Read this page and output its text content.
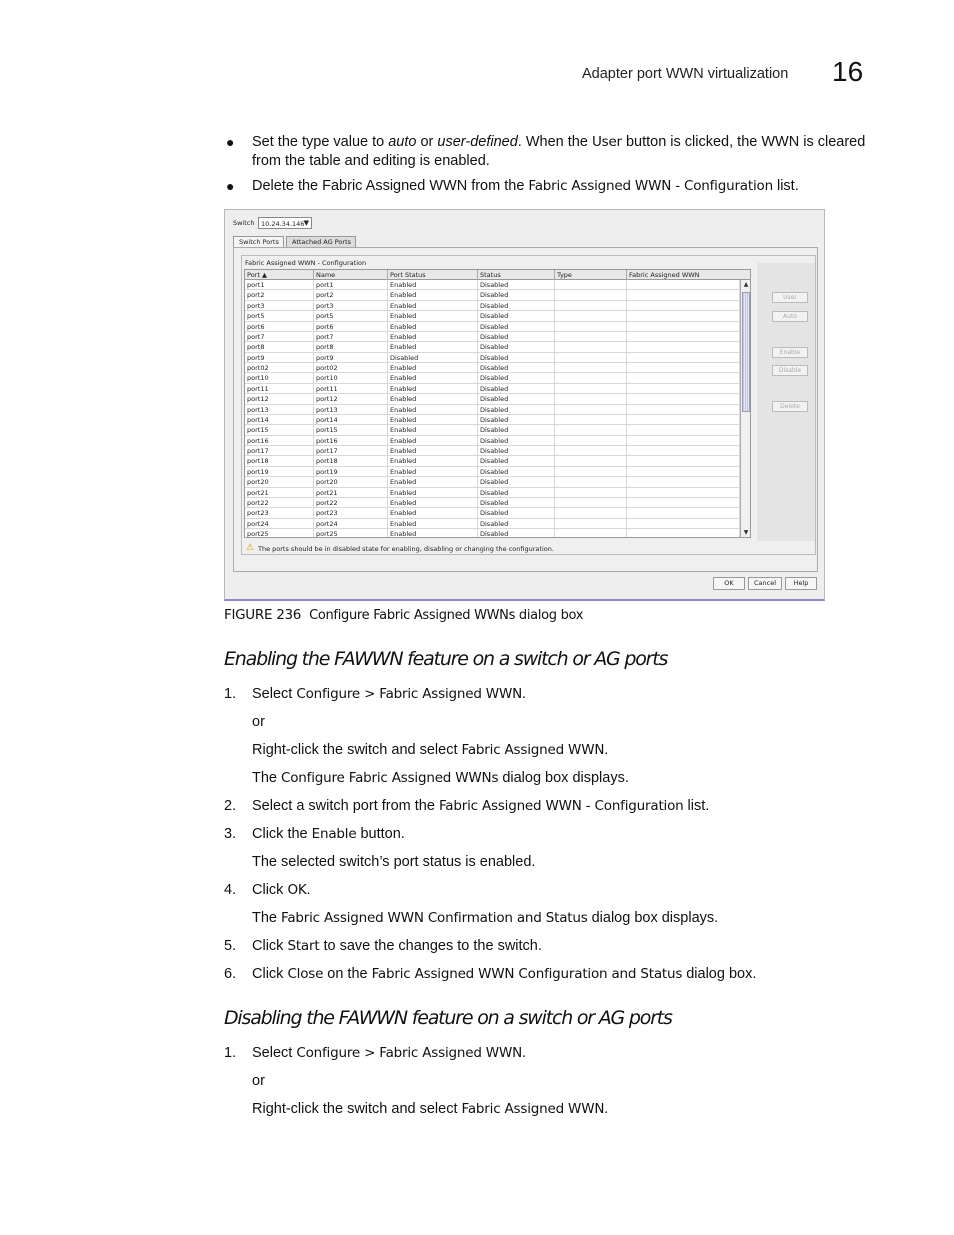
Adapter port WWN virtualization 16
● Set the type value to auto or user-defined. When the User button is clicked, the WWN is cleared
from the table and editing is enabled.
● Delete the Fabric Assigned WWN from the Fabric Assigned WWN - Configuration list.
Switch	10.24.34.146 ▼
Switch Ports	Attached AG Ports
Fabric Assigned WWN - Configuration
Port ▲	Name	Port Status	Status	Type	Fabric Assigned WWN
port1	port1	Enabled	Disabled
port2	port2	Enabled	Disabled
port3	port3	Enabled	Disabled
port5	port5	Enabled	Disabled
port6	port6	Enabled	Disabled
port7	port7	Enabled	Disabled
port8	port8	Enabled	Disabled
port9	port9	Disabled	Disabled
port02	port02	Enabled	Disabled
port10	port10	Enabled	Disabled
port11	port11	Enabled	Disabled
port12	port12	Enabled	Disabled
port13	port13	Enabled	Disabled
port14	port14	Enabled	Disabled
port15	port15	Enabled	Disabled
port16	port16	Enabled	Disabled
port17	port17	Enabled	Disabled
port18	port18	Enabled	Disabled
port19	port19	Enabled	Disabled
port20	port20	Enabled	Disabled
port21	port21	Enabled	Disabled
port22	port22	Enabled	Disabled
port23	port23	Enabled	Disabled
port24	port24	Enabled	Disabled
port25	port25	Enabled	Disabled
▲
▼
User
Auto
Enable
Disable
Delete
⚠ The ports should be in disabled state for enabling, disabling or changing the configuration.
OK	Cancel	Help
FIGURE 236 Configure Fabric Assigned WWNs dialog box
Enabling the FAWWN feature on a switch or AG ports
1. Select Configure > Fabric Assigned WWN.
or
Right-click the switch and select Fabric Assigned WWN.
The Configure Fabric Assigned WWNs dialog box displays.
2. Select a switch port from the Fabric Assigned WWN - Configuration list.
3. Click the Enable button.
The selected switch’s port status is enabled.
4. Click OK.
The Fabric Assigned WWN Confirmation and Status dialog box displays.
5. Click Start to save the changes to the switch.
6. Click Close on the Fabric Assigned WWN Configuration and Status dialog box.
Disabling the FAWWN feature on a switch or AG ports
1. Select Configure > Fabric Assigned WWN.
or
Right-click the switch and select Fabric Assigned WWN.
